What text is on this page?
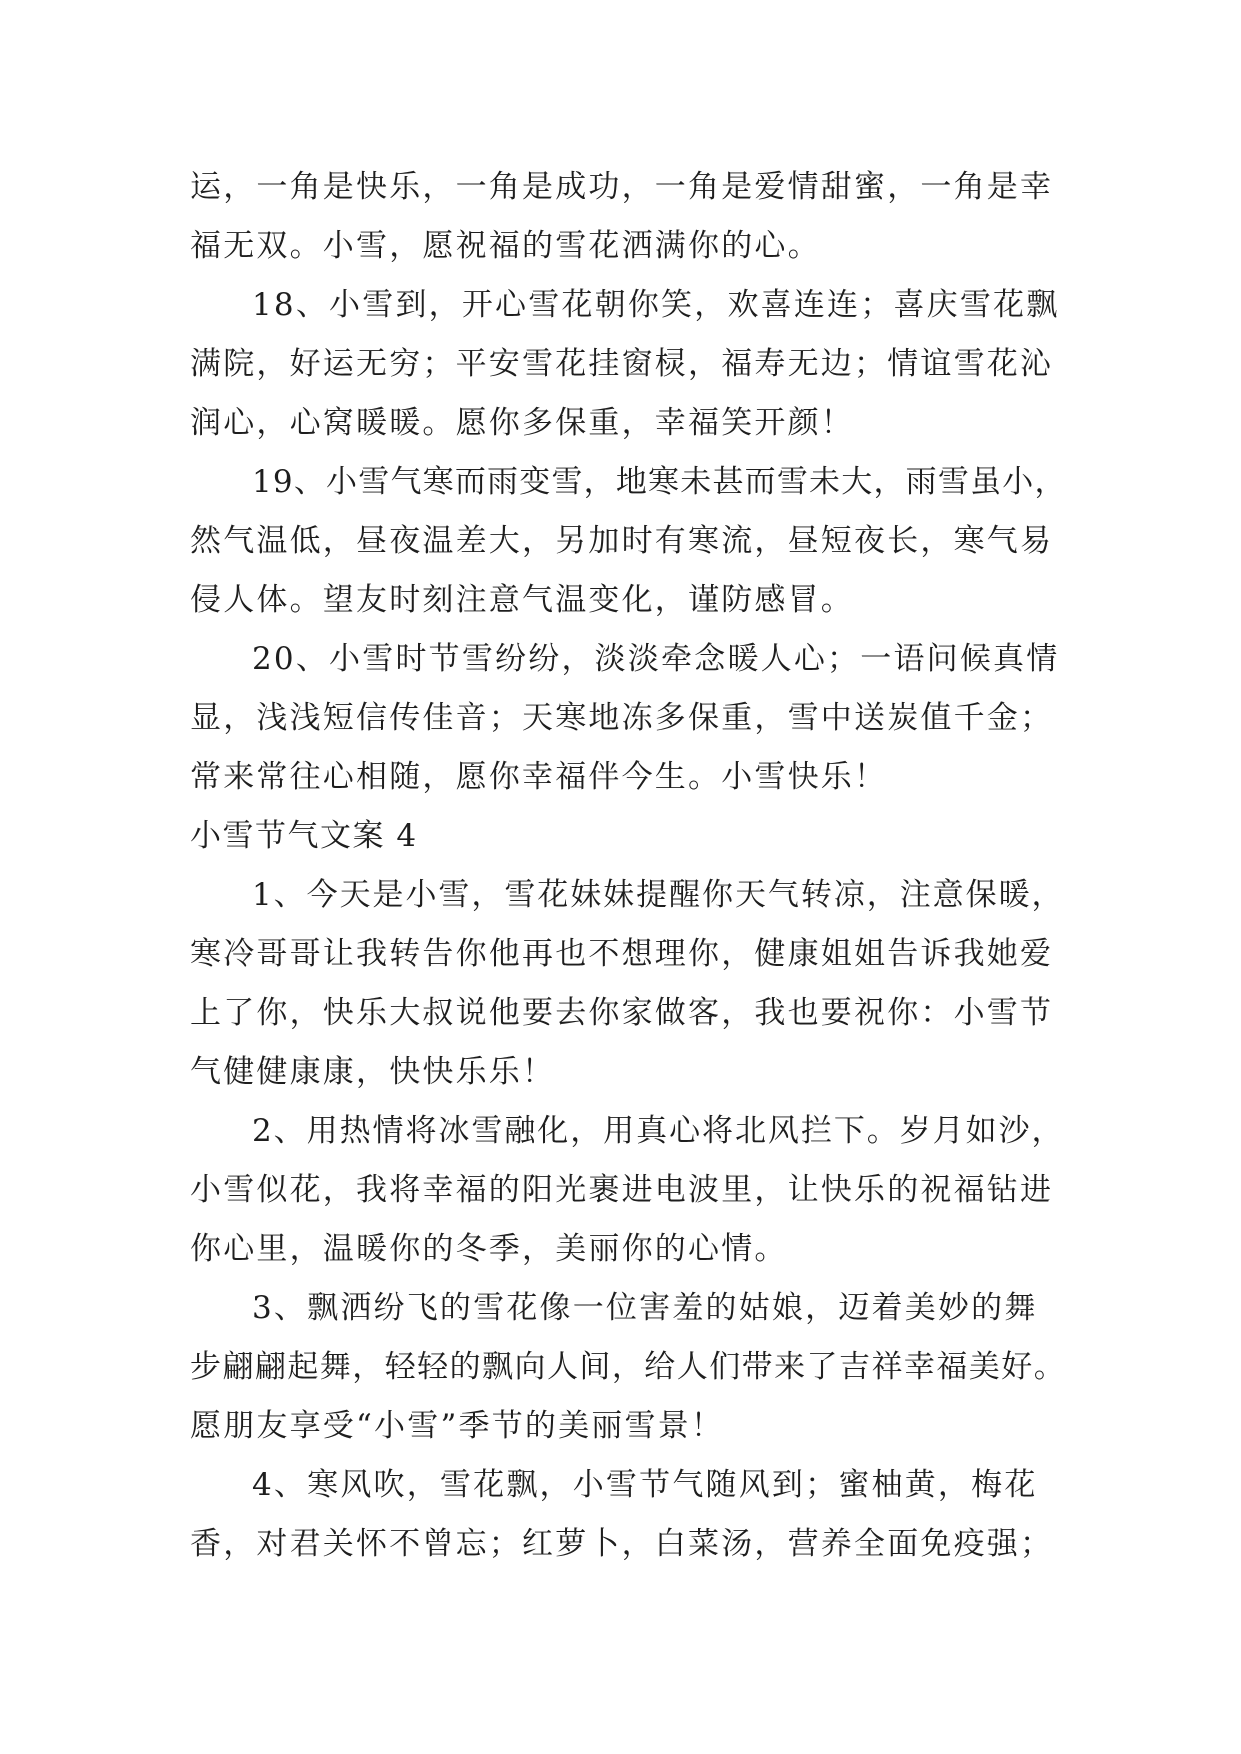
运，一角是快乐，一角是成功，一角是爱情甜蜜，一角是幸
福无双。小雪，愿祝福的雪花洒满你的心。
18、小雪到，开心雪花朝你笑，欢喜连连；喜庆雪花飘
满院，好运无穷；平安雪花挂窗棂，福寿无边；情谊雪花沁
润心，心窝暖暖。愿你多保重，幸福笑开颜！
19、小雪气寒而雨变雪，地寒未甚而雪未大，雨雪虽小，
然气温低，昼夜温差大，另加时有寒流，昼短夜长，寒气易
侵人体。望友时刻注意气温变化，谨防感冒。
20、小雪时节雪纷纷，淡淡牵念暖人心；一语问候真情
显，浅浅短信传佳音；天寒地冻多保重，雪中送炭值千金；
常来常往心相随，愿你幸福伴今生。小雪快乐！
小雪节气文案 4
1、今天是小雪，雪花妹妹提醒你天气转凉，注意保暖，
寒冷哥哥让我转告你他再也不想理你，健康姐姐告诉我她爱
上了你，快乐大叔说他要去你家做客，我也要祝你：小雪节
气健健康康，快快乐乐！
2、用热情将冰雪融化，用真心将北风拦下。岁月如沙，
小雪似花，我将幸福的阳光裹进电波里，让快乐的祝福钻进
你心里，温暖你的冬季，美丽你的心情。
3、飘洒纷飞的雪花像一位害羞的姑娘，迈着美妙的舞
步翩翩起舞，轻轻的飘向人间，给人们带来了吉祥幸福美好。
愿朋友享受“小雪”季节的美丽雪景！
4、寒风吹，雪花飘，小雪节气随风到；蜜柚黄，梅花
香，对君关怀不曾忘；红萝卜，白菜汤，营养全面免疫强；
